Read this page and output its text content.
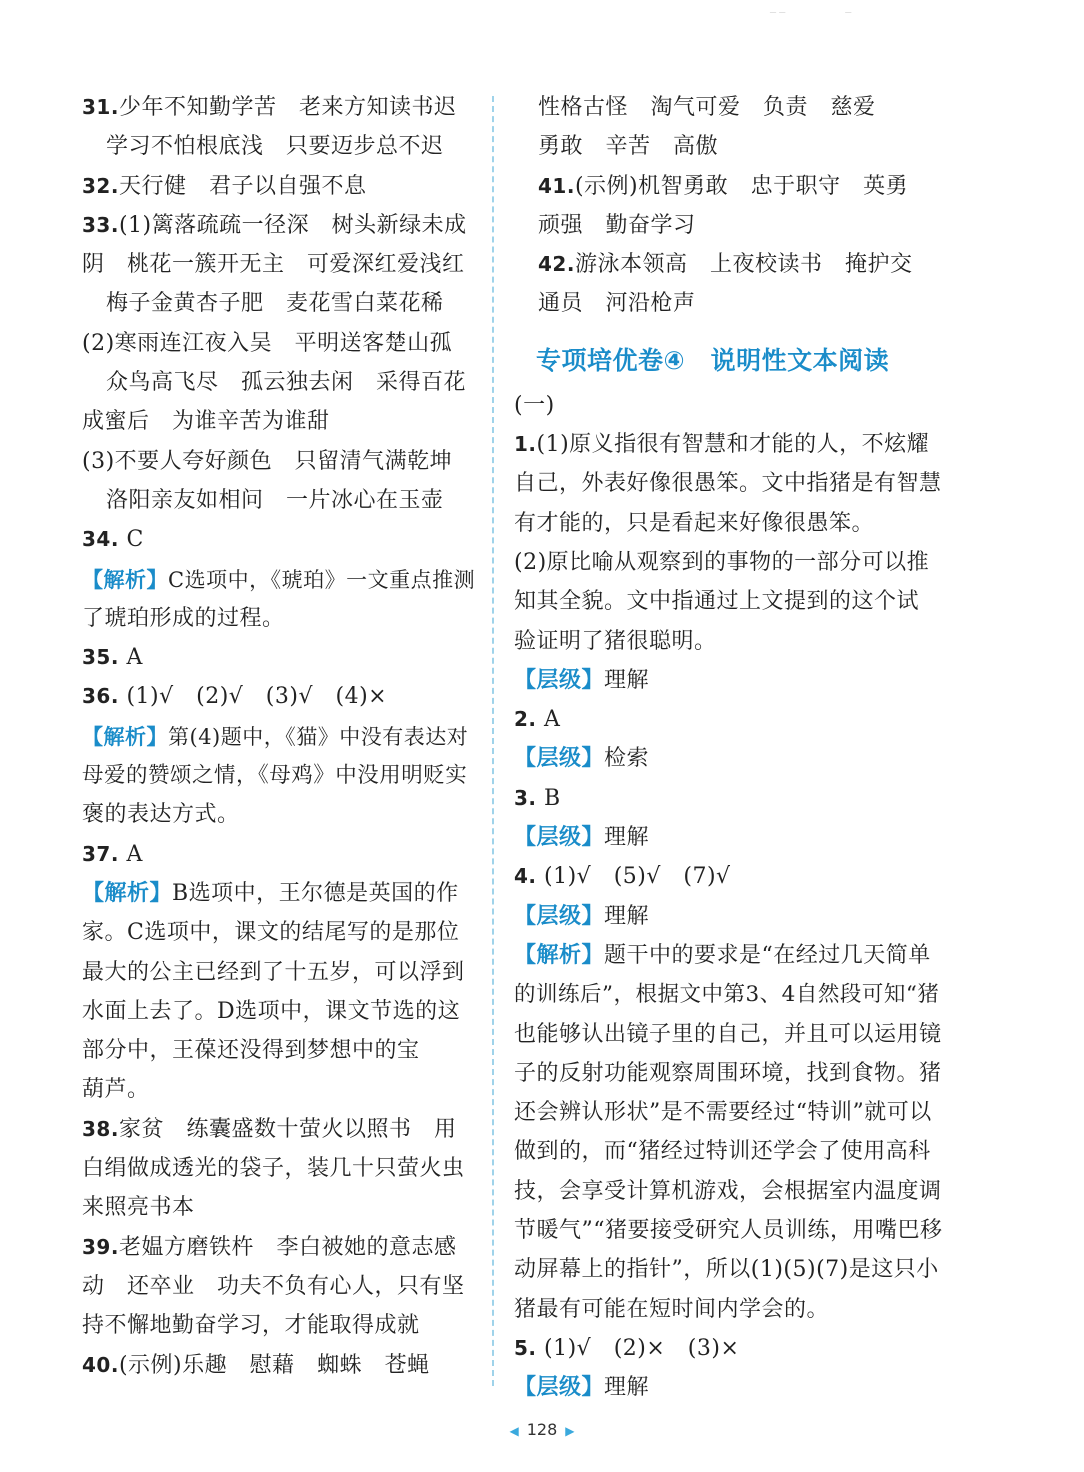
─ ─　　　　　　─
31.少年不知勤学苦　老来方知读书迟
学习不怕根底浅　只要迈步总不迟
32.天行健　君子以自强不息
33.(1)篱落疏疏一径深　树头新绿未成
阴　桃花一簇开无主　可爱深红爱浅红
梅子金黄杏子肥　麦花雪白菜花稀
(2)寒雨连江夜入吴　平明送客楚山孤
众鸟高飞尽　孤云独去闲　采得百花
成蜜后　为谁辛苦为谁甜
(3)不要人夸好颜色　只留清气满乾坤
洛阳亲友如相问　一片冰心在玉壶
34. C
【解析】C选项中，《琥珀》一文重点推测
了琥珀形成的过程。
35. A
36. (1)√　(2)√　(3)√　(4)×
【解析】第(4)题中，《猫》中没有表达对
母爱的赞颂之情，《母鸡》中没用明贬实
褒的表达方式。
37. A
【解析】B选项中，王尔德是英国的作
家。C选项中，课文的结尾写的是那位
最大的公主已经到了十五岁，可以浮到
水面上去了。D选项中，课文节选的这
部分中，王葆还没得到梦想中的宝
葫芦。
38.家贫　练囊盛数十萤火以照书　用
白绢做成透光的袋子，装几十只萤火虫
来照亮书本
39.老媪方磨铁杵　李白被她的意志感
动　还卒业　功夫不负有心人，只有坚
持不懈地勤奋学习，才能取得成就
40.(示例)乐趣　慰藉　蜘蛛　苍蝇
性格古怪　淘气可爱　负责　慈爱
勇敢　辛苦　高傲
41.(示例)机智勇敢　忠于职守　英勇
顽强　勤奋学习
42.游泳本领高　上夜校读书　掩护交
通员　河沿枪声
专项培优卷④　说明性文本阅读
(一)
1.(1)原义指很有智慧和才能的人，不炫耀
自己，外表好像很愚笨。文中指猪是有智慧
有才能的，只是看起来好像很愚笨。
(2)原比喻从观察到的事物的一部分可以推
知其全貌。文中指通过上文提到的这个试
验证明了猪很聪明。
【层级】理解
2. A
【层级】检索
3. B
【层级】理解
4. (1)√　(5)√　(7)√
【层级】理解
【解析】题干中的要求是“在经过几天简单
的训练后”，根据文中第3、4自然段可知“猪
也能够认出镜子里的自己，并且可以运用镜
子的反射功能观察周围环境，找到食物。猪
还会辨认形状”是不需要经过“特训”就可以
做到的，而“猪经过特训还学会了使用高科
技，会享受计算机游戏，会根据室内温度调
节暖气”“猪要接受研究人员训练，用嘴巴移
动屏幕上的指针”，所以(1)(5)(7)是这只小
猪最有可能在短时间内学会的。
5. (1)√　(2)×　(3)×
【层级】理解
◀ 128 ▶
